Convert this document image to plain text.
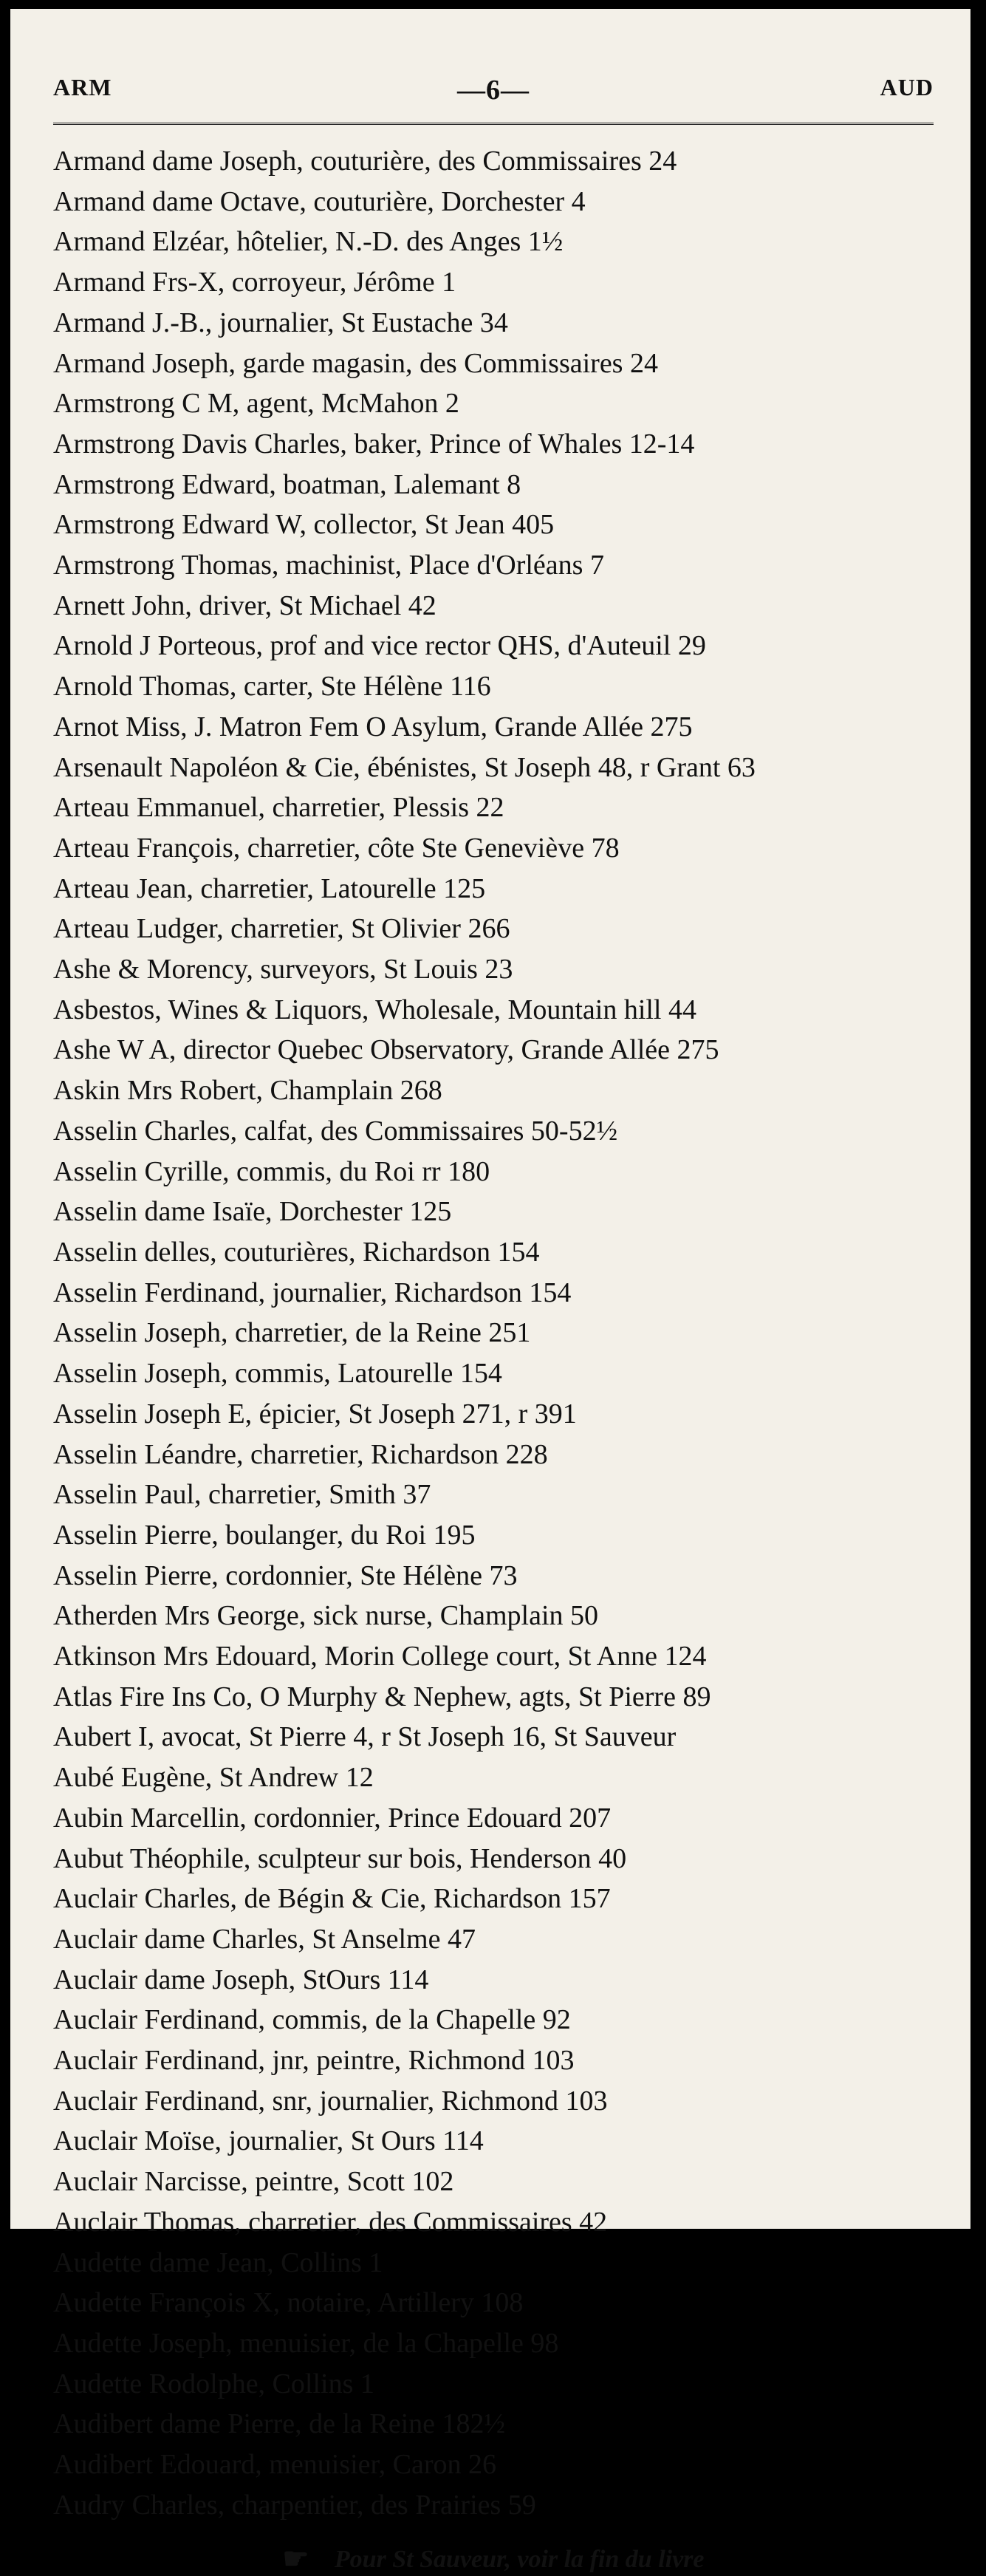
ARM	—6—	AUD
Armand dame Joseph, couturière, des Commissaires 24
Armand dame Octave, couturière, Dorchester 4
Armand Elzéar, hôtelier, N.-D. des Anges 1½
Armand Frs-X, corroyeur, Jérôme 1
Armand J.-B., journalier, St Eustache 34
Armand Joseph, garde magasin, des Commissaires 24
Armstrong C M, agent, McMahon 2
Armstrong Davis Charles, baker, Prince of Whales 12-14
Armstrong Edward, boatman, Lalemant 8
Armstrong Edward W, collector, St Jean 405
Armstrong Thomas, machinist, Place d'Orléans 7
Arnett John, driver, St Michael 42
Arnold J Porteous, prof and vice rector QHS, d'Auteuil 29
Arnold Thomas, carter, Ste Hélène 116
Arnot Miss, J. Matron Fem O Asylum, Grande Allée 275
Arsenault Napoléon & Cie, ébénistes, St Joseph 48, r Grant 63
Arteau Emmanuel, charretier, Plessis 22
Arteau François, charretier, côte Ste Geneviève 78
Arteau Jean, charretier, Latourelle 125
Arteau Ludger, charretier, St Olivier 266
Ashe & Morency, surveyors, St Louis 23
Asbestos, Wines & Liquors, Wholesale, Mountain hill 44
Ashe W A, director Quebec Observatory, Grande Allée 275
Askin Mrs Robert, Champlain 268
Asselin Charles, calfat, des Commissaires 50-52½
Asselin Cyrille, commis, du Roi rr 180
Asselin dame Isaïe, Dorchester 125
Asselin delles, couturières, Richardson 154
Asselin Ferdinand, journalier, Richardson 154
Asselin Joseph, charretier, de la Reine 251
Asselin Joseph, commis, Latourelle 154
Asselin Joseph E, épicier, St Joseph 271, r 391
Asselin Léandre, charretier, Richardson 228
Asselin Paul, charretier, Smith 37
Asselin Pierre, boulanger, du Roi 195
Asselin Pierre, cordonnier, Ste Hélène 73
Atherden Mrs George, sick nurse, Champlain 50
Atkinson Mrs Edouard, Morin College court, St Anne 124
Atlas Fire Ins Co, O Murphy & Nephew, agts, St Pierre 89
Aubert I, avocat, St Pierre 4, r St Joseph 16, St Sauveur
Aubé Eugène, St Andrew 12
Aubin Marcellin, cordonnier, Prince Edouard 207
Aubut Théophile, sculpteur sur bois, Henderson 40
Auclair Charles, de Bégin & Cie, Richardson 157
Auclair dame Charles, St Anselme 47
Auclair dame Joseph, StOurs 114
Auclair Ferdinand, commis, de la Chapelle 92
Auclair Ferdinand, jnr, peintre, Richmond 103
Auclair Ferdinand, snr, journalier, Richmond 103
Auclair Moïse, journalier, St Ours 114
Auclair Narcisse, peintre, Scott 102
Auclair Thomas, charretier, des Commissaires 42
Audette dame Jean, Collins 1
Audette François X, notaire, Artillery 108
Audette Joseph, menuisier, de la Chapelle 98
Audette Rodolphe, Collins 1
Audibert dame Pierre, de la Reine 182½
Audibert Edouard, menuisier, Caron 26
Audry Charles, charpentier, des Prairies 59
☛ Pour St Sauveur, voir la fin du livre
